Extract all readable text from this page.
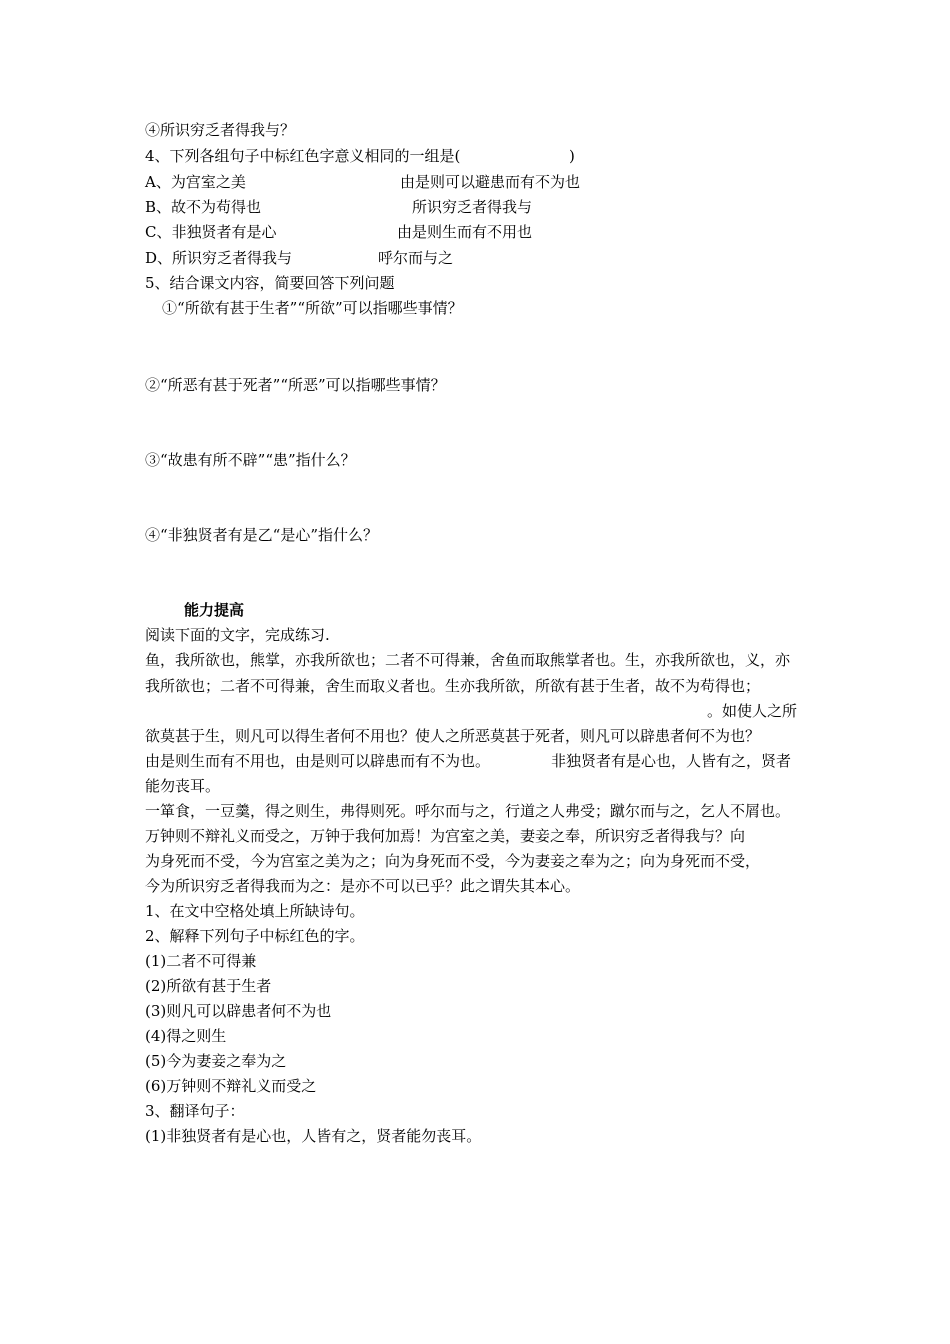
④所识穷乏者得我与？
4、下列各组句子中标红色字意义相同的一组是(	)
A、为宫室之美	由是则可以避患而有不为也
B、故不为苟得也	所识穷乏者得我与
C、非独贤者有是心	由是则生而有不用也
D、所识穷乏者得我与	呼尔而与之
5、结合课文内容，简要回答下列问题
①“所欲有甚于生者”“所欲”可以指哪些事情？
②“所恶有甚于死者”“所恶”可以指哪些事情？
③“故患有所不辟”“患”指什么？
④“非独贤者有是乙“是心”指什么？
能力提高
阅读下面的文字，完成练习.
鱼，我所欲也，熊掌，亦我所欲也；二者不可得兼，舍鱼而取熊掌者也。生，亦我所欲也，义，亦
我所欲也；二者不可得兼，舍生而取义者也。生亦我所欲，所欲有甚于生者，故不为苟得也；
。如使人之所
欲莫甚于生，则凡可以得生者何不用也？使人之所恶莫甚于死者，则凡可以辟患者何不为也？
由是则生而有不用也，由是则可以辟患而有不为也。	非独贤者有是心也，人皆有之，贤者
能勿丧耳。
一箪食，一豆羹，得之则生，弗得则死。呼尔而与之，行道之人弗受；蹴尔而与之，乞人不屑也。
万钟则不辩礼义而受之，万钟于我何加焉！为宫室之美，妻妾之奉，所识穷乏者得我与？向
为身死而不受，今为宫室之美为之；向为身死而不受，今为妻妾之奉为之；向为身死而不受，
今为所识穷乏者得我而为之：是亦不可以已乎？此之谓失其本心。
1、在文中空格处填上所缺诗句。
2、解释下列句子中标红色的字。
(1)二者不可得兼
(2)所欲有甚于生者
(3)则凡可以辟患者何不为也
(4)得之则生
(5)今为妻妾之奉为之
(6)万钟则不辩礼义而受之
3、翻译句子：
(1)非独贤者有是心也，人皆有之，贤者能勿丧耳。
